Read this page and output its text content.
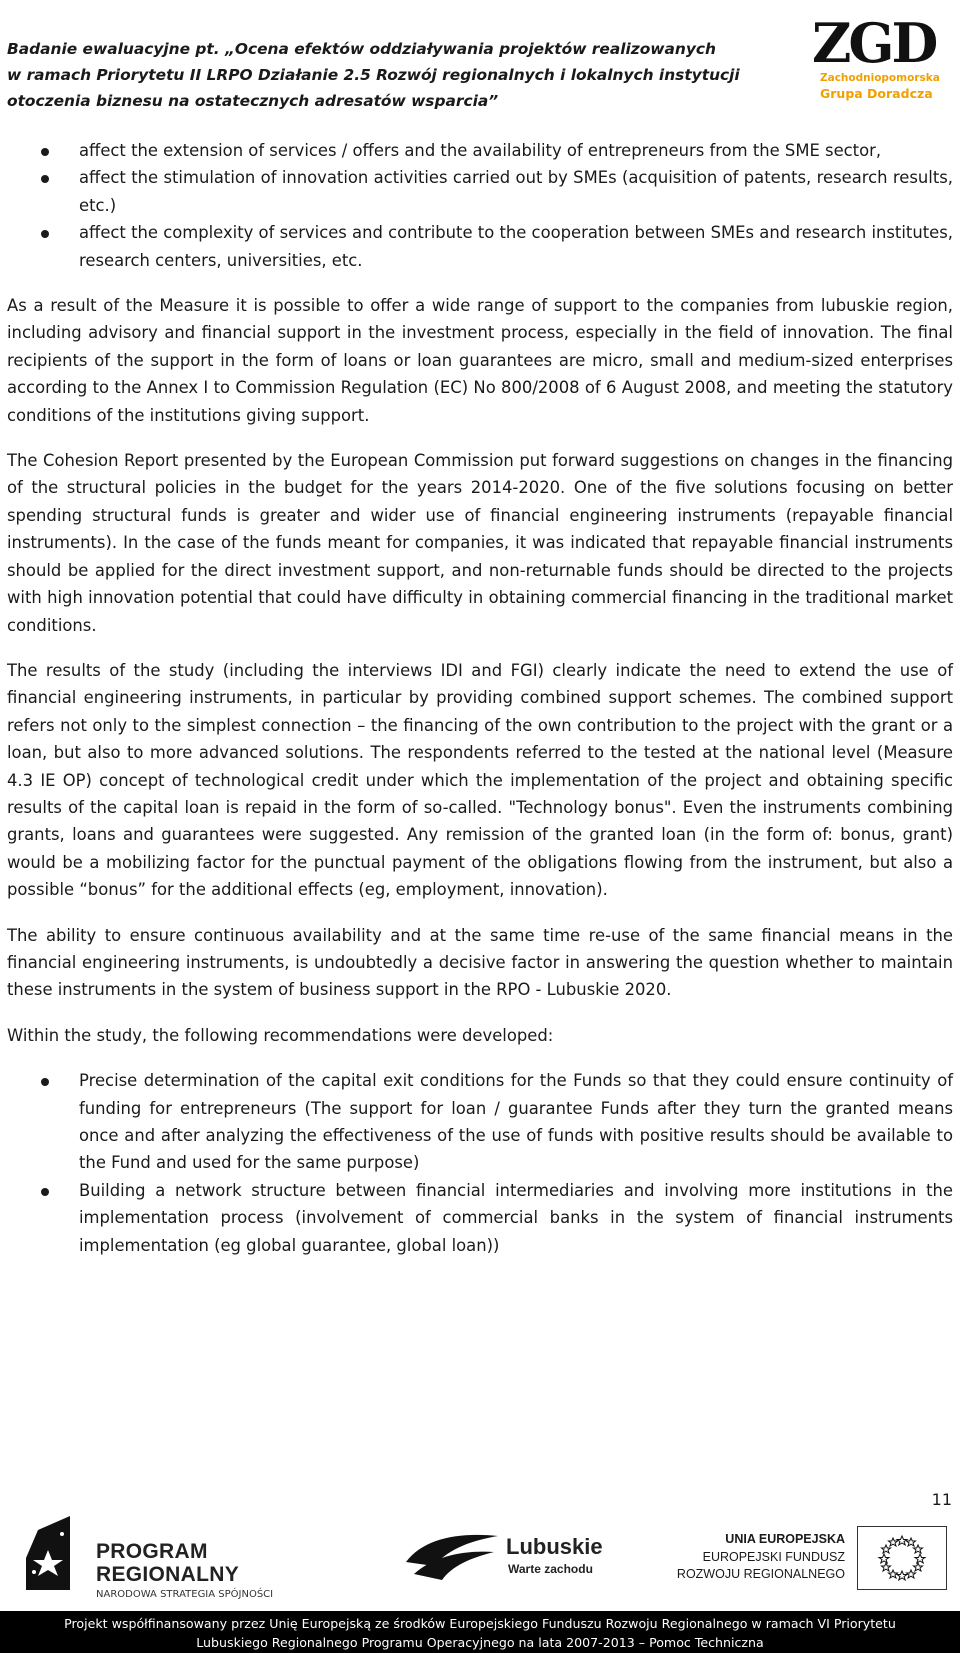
Badanie ewaluacyjne pt. „Ocena efektów oddziaływania projektów realizowanych
w ramach Priorytetu II LRPO Działanie 2.5 Rozwój regionalnych i lokalnych instytucji
otoczenia biznesu na ostatecznych adresatów wsparcia”
ZGD
Zachodniopomorska
Grupa Doradcza
affect the extension of services / offers and the availability of entrepreneurs from the SME sector,
affect the stimulation of innovation activities carried out by SMEs (acquisition of patents, research results, etc.)
affect the complexity of services and contribute to the cooperation between SMEs and research institutes, research centers, universities, etc.

As a result of the Measure it is possible to offer a wide range of support to the companies from lubuskie region, including advisory and financial support in the investment process, especially in the field of innovation. The final recipients of the support in the form of loans or loan guarantees are micro, small and medium-sized enterprises according to the Annex I to Commission Regulation (EC) No 800/2008 of 6 August 2008, and meeting the statutory conditions of the institutions giving support.

The Cohesion Report presented by the European Commission put forward suggestions on changes in the financing of the structural policies in the budget for the years 2014-2020. One of the five solutions focusing on better spending structural funds is greater and wider use of financial engineering instruments (repayable financial instruments). In the case of the funds meant for companies, it was indicated that repayable financial instruments should be applied for the direct investment support, and non-returnable funds should be directed to the projects with high innovation potential that could have difficulty in obtaining commercial financing in the traditional market conditions.

The results of the study (including the interviews IDI and FGI) clearly indicate the need to extend the use of financial engineering instruments, in particular by providing combined support schemes. The combined support refers not only to the simplest connection – the financing of the own contribution to the project with the grant or a loan, but also to more advanced solutions. The respondents referred to the tested at the national level (Measure 4.3 IE OP) concept of technological credit under which the implementation of the project and obtaining specific results of the capital loan is repaid in the form of so-called. "Technology bonus". Even the instruments combining grants, loans and guarantees were suggested. Any remission of the granted loan (in the form of: bonus, grant) would be a mobilizing factor for the punctual payment of the obligations flowing from the instrument, but also a possible “bonus” for the additional effects (eg, employment, innovation).

The ability to ensure continuous availability and at the same time re-use of the same financial means in the financial engineering instruments, is undoubtedly a decisive factor in answering the question whether to maintain these instruments in the system of business support in the RPO - Lubuskie 2020.

Within the study, the following recommendations were developed:

Precise determination of the capital exit conditions for the Funds so that they could ensure continuity of funding for entrepreneurs (The support for loan / guarantee Funds after they turn the granted means once and after analyzing the effectiveness of the use of funds with positive results should be available to the Fund and used for the same purpose)
Building a network structure between financial intermediaries and involving more institutions in the implementation process (involvement of commercial banks in the system of financial instruments implementation (eg global guarantee, global loan))
11
PROGRAM
REGIONALNY
NARODOWA STRATEGIA SPÓJNOŚCI
Lubuskie
Warte zachodu
UNIA EUROPEJSKA
EUROPEJSKI FUNDUSZ
ROZWOJU REGIONALNEGO
Projekt współfinansowany przez Unię Europejską ze środków Europejskiego Funduszu Rozwoju Regionalnego w ramach VI Priorytetu
Lubuskiego Regionalnego Programu Operacyjnego na lata 2007-2013 – Pomoc Techniczna
